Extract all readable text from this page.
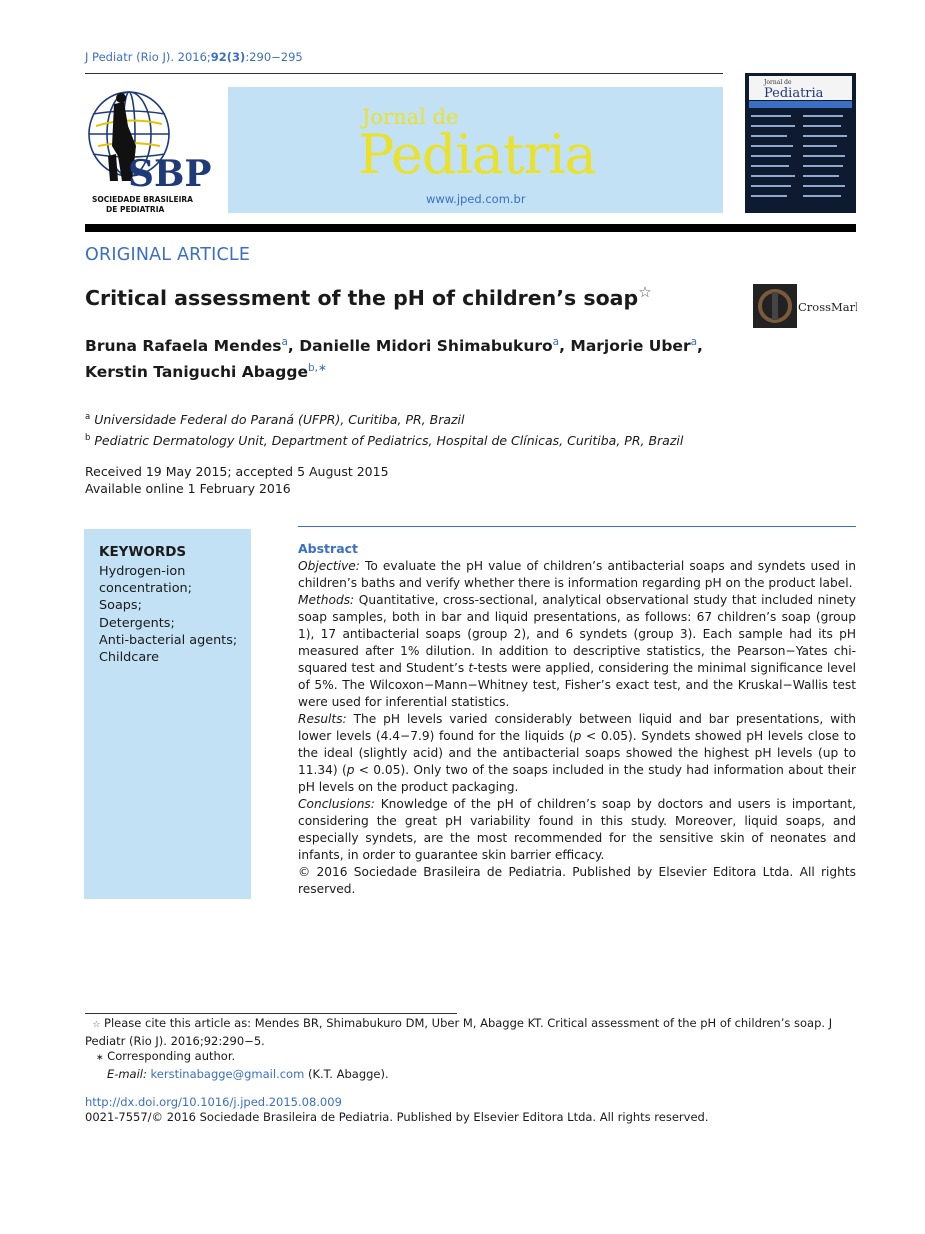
J Pediatr (Rio J). 2016;92(3):290−295
SBP
SOCIEDADE BRASILEIRA
DE PEDIATRIA
Jornal de
Pediatria
www.jped.com.br
Jornal de
Pediatria
ORIGINAL ARTICLE
Critical assessment of the pH of children’s soap☆
CrossMark
Bruna Rafaela Mendes$^a$, Danielle Midori Shimabukuro$^a$, Marjorie Uber$^a$,
Kerstin Taniguchi Abagge$^{b,∗}$
$^a$ Universidade Federal do Paraná (UFPR), Curitiba, PR, Brazil
$^b$ Pediatric Dermatology Unit, Department of Pediatrics, Hospital de Clínicas, Curitiba, PR, Brazil
Received 19 May 2015; accepted 5 August 2015
Available online 1 February 2016
KEYWORDS
Hydrogen-ion
concentration;
Soaps;
Detergents;
Anti-bacterial agents;
Childcare
Abstract

Objective: To evaluate the pH value of children’s antibacterial soaps and syndets used in children’s baths and verify whether there is information regarding pH on the product label.

Methods: Quantitative, cross-sectional, analytical observational study that included ninety soap samples, both in bar and liquid presentations, as follows: 67 children’s soap (group 1), 17 antibacterial soaps (group 2), and 6 syndets (group 3). Each sample had its pH measured after 1% dilution. In addition to descriptive statistics, the Pearson−Yates chi-squared test and Student’s t-tests were applied, considering the minimal significance level of 5%. The Wilcoxon−Mann−Whitney test, Fisher’s exact test, and the Kruskal−Wallis test were used for inferential statistics.

Results: The pH levels varied considerably between liquid and bar presentations, with lower levels (4.4−7.9) found for the liquids (p < 0.05). Syndets showed pH levels close to the ideal (slightly acid) and the antibacterial soaps showed the highest pH levels (up to 11.34) (p < 0.05). Only two of the soaps included in the study had information about their pH levels on the product packaging.

Conclusions: Knowledge of the pH of children’s soap by doctors and users is important, considering the great pH variability found in this study. Moreover, liquid soaps, and especially syndets, are the most recommended for the sensitive skin of neonates and infants, in order to guarantee skin barrier efficacy.

© 2016 Sociedade Brasileira de Pediatria. Published by Elsevier Editora Ltda. All rights reserved.

☆ Please cite this article as: Mendes BR, Shimabukuro DM, Uber M, Abagge KT. Critical assessment of the pH of children’s soap. J Pediatr (Rio J). 2016;92:290−5.

∗ Corresponding author.

E-mail: kerstinabagge@gmail.com (K.T. Abagge).

http://dx.doi.org/10.1016/j.jped.2015.08.009
0021-7557/© 2016 Sociedade Brasileira de Pediatria. Published by Elsevier Editora Ltda. All rights reserved.
